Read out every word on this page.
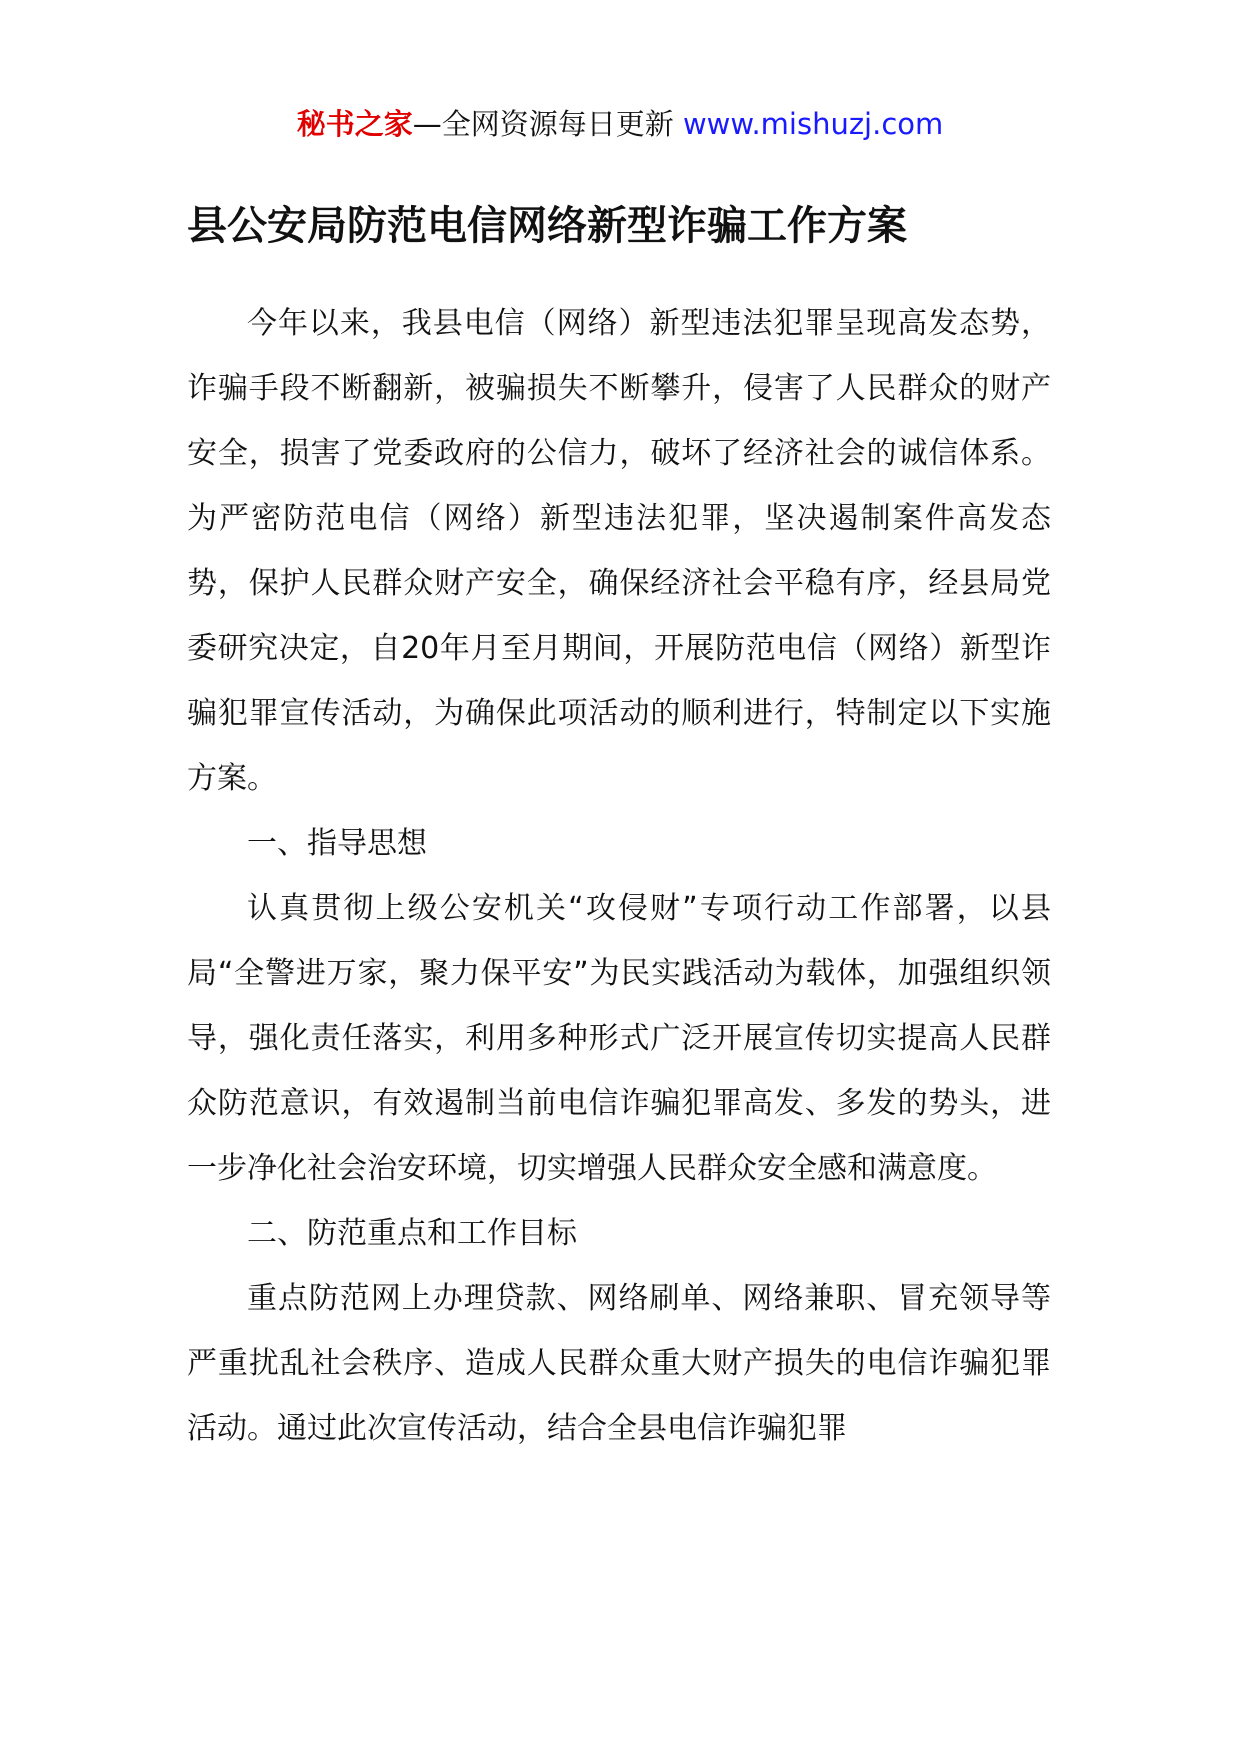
秘书之家—全网资源每日更新 www.mishuzj.com
县公安局防范电信网络新型诈骗工作方案

今年以来，我县电信（网络）新型违法犯罪呈现高发态势，诈骗手段不断翻新，被骗损失不断攀升，侵害了人民群众的财产安全，损害了党委政府的公信力，破坏了经济社会的诚信体系。为严密防范电信（网络）新型违法犯罪，坚决遏制案件高发态势，保护人民群众财产安全，确保经济社会平稳有序，经县局党委研究决定，自20年月至月期间，开展防范电信（网络）新型诈骗犯罪宣传活动，为确保此项活动的顺利进行，特制定以下实施方案。

一、指导思想

认真贯彻上级公安机关“攻侵财”专项行动工作部署，以县局“全警进万家，聚力保平安”为民实践活动为载体，加强组织领导，强化责任落实，利用多种形式广泛开展宣传切实提高人民群众防范意识，有效遏制当前电信诈骗犯罪高发、多发的势头，进一步净化社会治安环境，切实增强人民群众安全感和满意度。

二、防范重点和工作目标

重点防范网上办理贷款、网络刷单、网络兼职、冒充领导等严重扰乱社会秩序、造成人民群众重大财产损失的电信诈骗犯罪活动。通过此次宣传活动，结合全县电信诈骗犯罪
